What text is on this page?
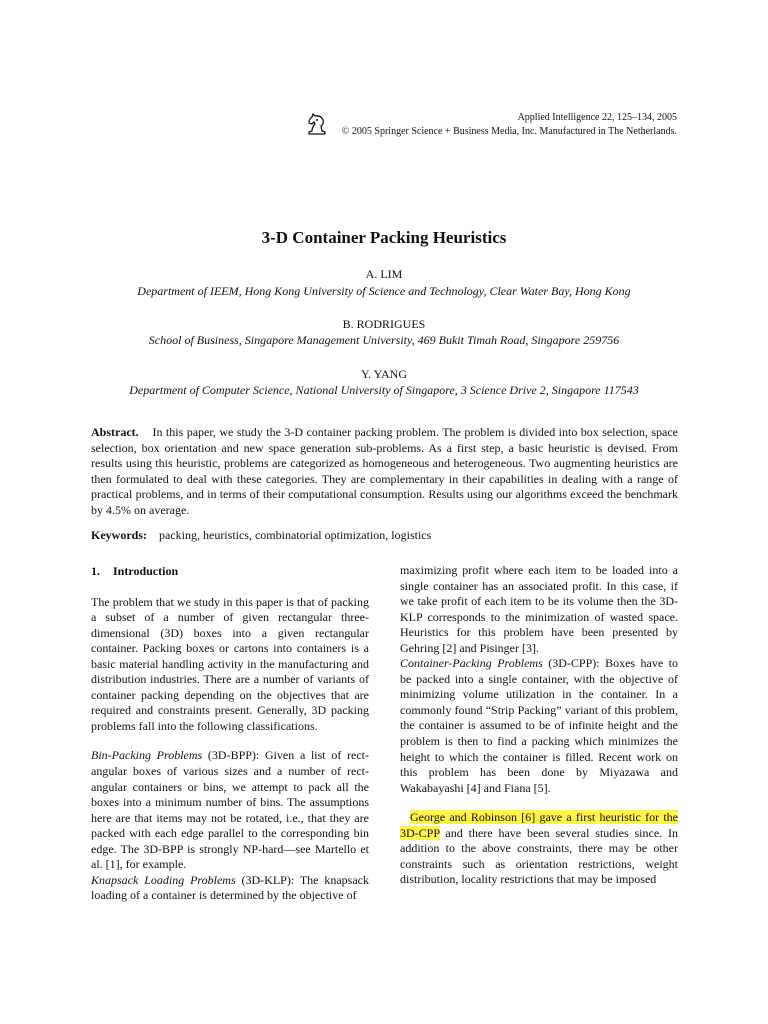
Applied Intelligence 22, 125–134, 2005
© 2005 Springer Science + Business Media, Inc. Manufactured in The Netherlands.
3-D Container Packing Heuristics
A. LIM
Department of IEEM, Hong Kong University of Science and Technology, Clear Water Bay, Hong Kong
B. RODRIGUES
School of Business, Singapore Management University, 469 Bukit Timah Road, Singapore 259756
Y. YANG
Department of Computer Science, National University of Singapore, 3 Science Drive 2, Singapore 117543
Abstract. In this paper, we study the 3-D container packing problem. The problem is divided into box selection, space selection, box orientation and new space generation sub-problems. As a first step, a basic heuristic is devised. From results using this heuristic, problems are categorized as homogeneous and heterogeneous. Two augmenting heuristics are then formulated to deal with these categories. They are complementary in their capabilities in dealing with a range of practical problems, and in terms of their computational consumption. Results using our algorithms exceed the benchmark by 4.5% on average.
Keywords: packing, heuristics, combinatorial optimization, logistics

1. Introduction

The problem that we study in this paper is that of packing a subset of a number of given rectangular three-dimensional (3D) boxes into a given rectangular container. Packing boxes or cartons into containers is a basic material handling activity in the manufacturing and distribution industries. There are a number of variants of container packing depending on the objectives that are required and constraints present. Generally, 3D packing problems fall into the following classifications.

Bin-Packing Problems (3D-BPP): Given a list of rectangular boxes of various sizes and a number of rectangular containers or bins, we attempt to pack all the boxes into a minimum number of bins. The assumptions here are that items may not be rotated, i.e., that they are packed with each edge parallel to the corresponding bin edge. The 3D-BPP is strongly NP-hard—see Martello et al. [1], for example.

Knapsack Loading Problems (3D-KLP): The knapsack loading of a container is determined by the objective of

maximizing profit where each item to be loaded into a single container has an associated profit. In this case, if we take profit of each item to be its volume then the 3D-KLP corresponds to the minimization of wasted space. Heuristics for this problem have been presented by Gehring [2] and Pisinger [3].

Container-Packing Problems (3D-CPP): Boxes have to be packed into a single container, with the objective of minimizing volume utilization in the container. In a commonly found “Strip Packing” variant of this problem, the container is assumed to be of infinite height and the problem is then to find a packing which minimizes the height to which the container is filled. Recent work on this problem has been done by Miyazawa and Wakabayashi [4] and Fiana [5].

George and Robinson [6] gave a first heuristic for the 3D-CPP and there have been several studies since. In addition to the above constraints, there may be other constraints such as orientation restrictions, weight distribution, locality restrictions that may be imposed
